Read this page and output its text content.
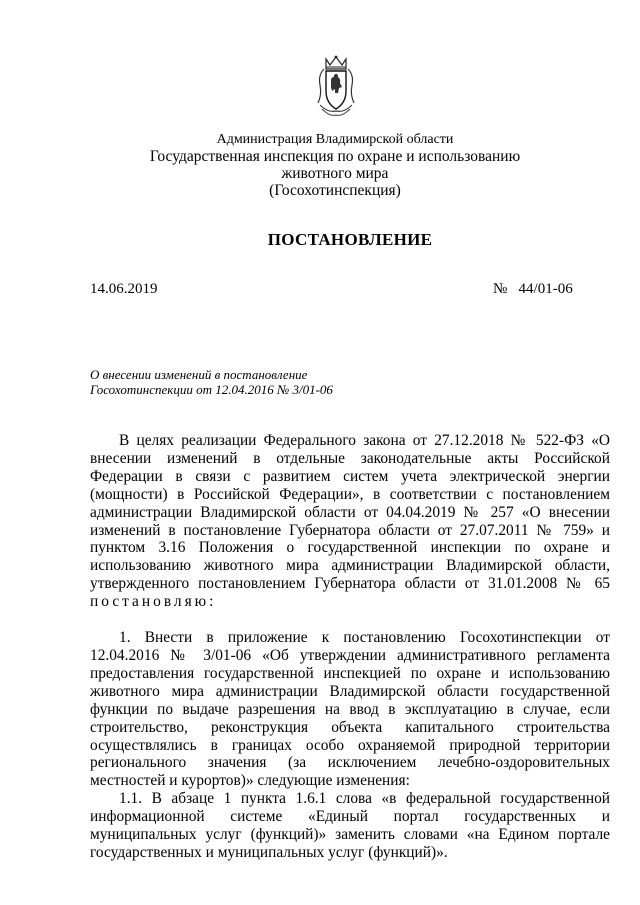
Администрация Владимирской области
Государственная инспекция по охране и использованию
животного мира
(Госохотинспекция)
ПОСТАНОВЛЕНИЕ
14.06.2019	№   44/01-06
О внесении изменений в постановление
Госохотинспекции от 12.04.2016 № 3/01-06

В целях реализации Федерального закона от 27.12.2018 № 522-ФЗ «О внесении изменений в отдельные законодательные акты Российской Федерации в связи с развитием систем учета электрической энергии (мощности) в Российской Федерации», в соответствии с постановлением администрации Владимирской области от 04.04.2019 № 257 «О внесении изменений в постановление Губернатора области от 27.07.2011 № 759» и пунктом 3.16 Положения о государственной инспекции по охране и использованию животного мира администрации Владимирской области, утвержденного постановлением Губернатора области от 31.01.2008 № 65 постановляю:

1. Внести в приложение к постановлению Госохотинспекции от 12.04.2016 № 3/01-06 «Об утверждении административного регламента предоставления государственной инспекцией по охране и использованию животного мира администрации Владимирской области государственной функции по выдаче разрешения на ввод в эксплуатацию в случае, если строительство, реконструкция объекта капитального строительства осуществлялись в границах особо охраняемой природной территории регионального значения (за исключением лечебно-оздоровительных местностей и курортов)» следующие изменения:

1.1. В абзаце 1 пункта 1.6.1 слова «в федеральной государственной информационной системе «Единый портал государственных и муниципальных услуг (функций)» заменить словами «на Едином портале государственных и муниципальных услуг (функций)».
